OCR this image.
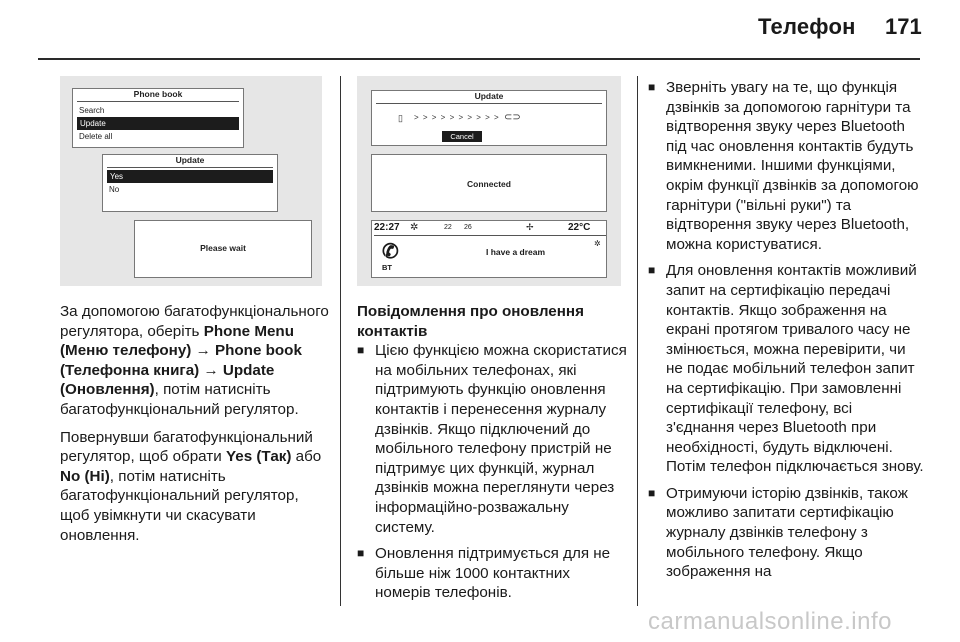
Телефон 171
Phone book
Search
Update
Delete all
Update
Yes
No
Please wait
Update
▯ > > > > > > > > > > ⊂⊃
Cancel
Connected
22:27 ✲	22 26	✢	22°C
✆
BT
I have a dream
✲

За допомогою багатофункціонального регулятора, оберіть Phone Menu (Меню телефону) → Phone book (Телефонна книга) → Update (Оновлення), потім натисніть багатофункціональний регулятор.

Повернувши багатофункціональний регулятор, щоб обрати Yes (Так) або No (Ні), потім натисніть багатофункціональний регулятор, щоб увімкнути чи скасувати оновлення.

Повідомлення про оновлення контактів
■ Цією функцією можна скористатися на мобільних телефонах, які підтримують функцію оновлення контактів і перенесення журналу дзвінків. Якщо підключений до мобільного телефону пристрій не підтримує цих функцій, журнал дзвінків можна переглянути через інформаційно-розважальну систему.
■ Оновлення підтримується для не більше ніж 1000 контактних номерів телефонів.
■ Зверніть увагу на те, що функція дзвінків за допомогою гарнітури та відтворення звуку через Bluetooth під час оновлення контактів будуть вимкненими. Іншими функціями, окрім функції дзвінків за допомогою гарнітури ("вільні руки") та відтворення звуку через Bluetooth, можна користуватися.
■ Для оновлення контактів можливий запит на сертифікацію передачі контактів. Якщо зображення на екрані протягом тривалого часу не змінюється, можна перевірити, чи не подає мобільний телефон запит на сертифікацію. При замовленні сертифікації телефону, всі з'єднання через Bluetooth при необхідності, будуть відключені. Потім телефон підключається знову.
■ Отримуючи історію дзвінків, також можливо запитати сертифікацію журналу дзвінків телефону з мобільного телефону. Якщо зображення на
carmanualsonline.info
